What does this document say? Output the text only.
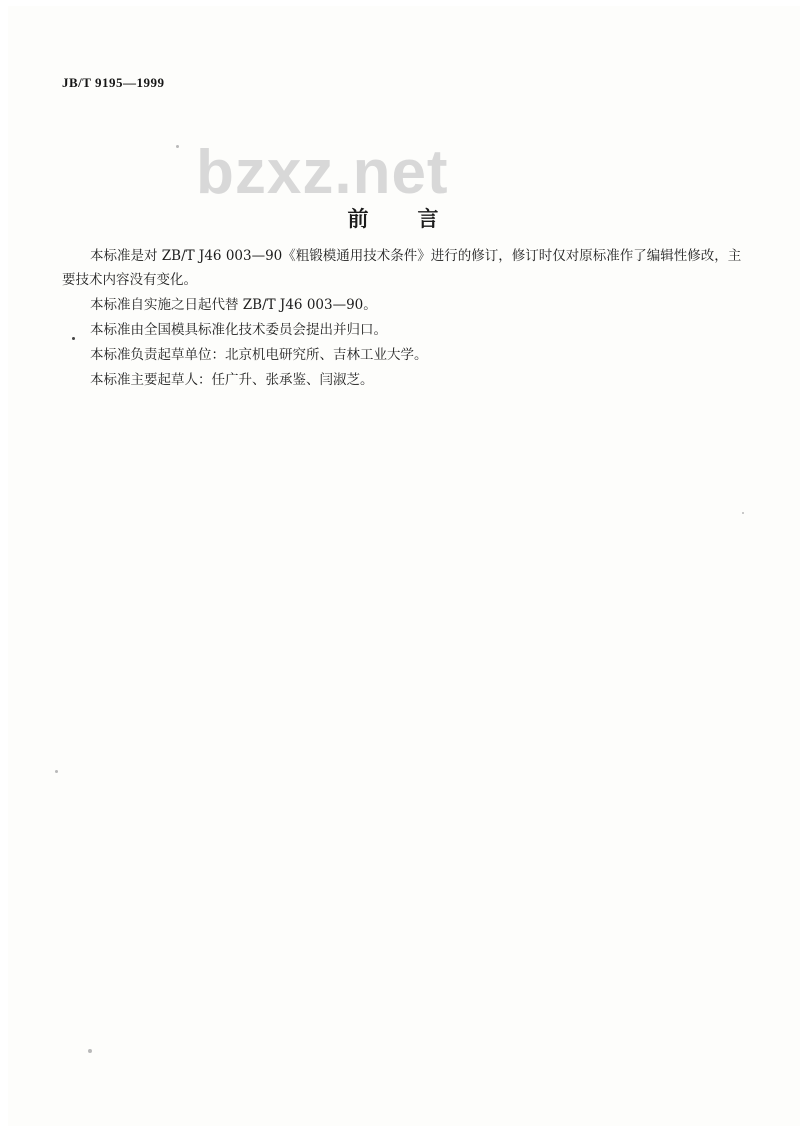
JB/T 9195—1999
bzxz.net
前　言

本标准是对 ZB/T J46 003—90《粗锻模通用技术条件》进行的修订，修订时仅对原标准作了编辑性修改，主要技术内容没有变化。

本标准自实施之日起代替 ZB/T J46 003—90。

本标准由全国模具标准化技术委员会提出并归口。

本标准负责起草单位：北京机电研究所、吉林工业大学。

本标准主要起草人：任广升、张承鉴、闫淑芝。
